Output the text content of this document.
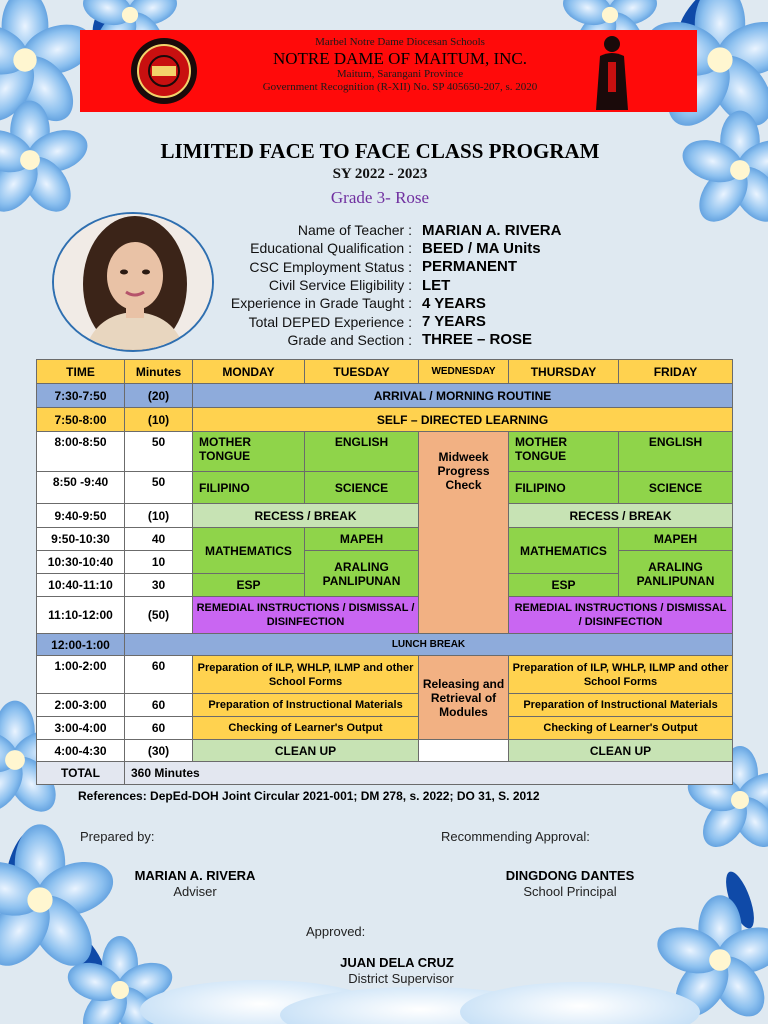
Marbel Notre Dame Diocesan Schools
NOTRE DAME OF MAITUM, INC.
Maitum, Sarangani Province
Government Recognition (R-XII) No. SP 405650-207, s. 2020
LIMITED FACE TO FACE CLASS PROGRAM
SY 2022 - 2023
Grade 3- Rose
Name of Teacher : MARIAN A. RIVERA
Educational Qualification : BEED / MA Units
CSC Employment Status : PERMANENT
Civil Service Eligibility : LET
Experience in Grade Taught : 4 YEARS
Total DEPED Experience : 7 YEARS
Grade and Section : THREE – ROSE
TIME	Minutes	MONDAY	TUESDAY	WEDNESDAY	THURSDAY	FRIDAY
7:30-7:50	(20)	ARRIVAL / MORNING ROUTINE				
7:50-8:00	(10)	SELF – DIRECTED LEARNING				
8:00-8:50	50	MOTHER TONGUE	ENGLISH	Midweek Progress Check	MOTHER TONGUE	ENGLISH
8:50 -9:40	50	FILIPINO	SCIENCE		FILIPINO	SCIENCE
9:40-9:50	(10)	RECESS / BREAK			RECESS / BREAK	
9:50-10:30	40	MATHEMATICS	MAPEH		MATHEMATICS	MAPEH
10:30-10:40	10		ARALING PANLIPUNAN			ARALING PANLIPUNAN
10:40-11:10	30	ESP			ESP	
11:10-12:00	(50)	REMEDIAL INSTRUCTIONS / DISMISSAL / DISINFECTION			REMEDIAL INSTRUCTIONS / DISMISSAL / DISINFECTION	
12:00-1:00	LUNCH BREAK					
1:00-2:00	60	Preparation of ILP, WHLP, ILMP and other School Forms		Releasing and Retrieval of Modules	Preparation of ILP, WHLP, ILMP and other School Forms	
2:00-3:00	60	Preparation of Instructional Materials			Preparation of Instructional Materials	
3:00-4:00	60	Checking of Learner's Output			Checking of Learner's Output	
4:00-4:30	(30)	CLEAN UP			CLEAN UP	
TOTAL	360 Minutes					
References: DepEd-DOH Joint Circular 2021-001; DM 278, s. 2022; DO 31, S. 2012
Prepared by:	Recommending Approval:
MARIAN A. RIVERA
Adviser
DINGDONG DANTES
School Principal
Approved:
JUAN DELA CRUZ
District Supervisor
